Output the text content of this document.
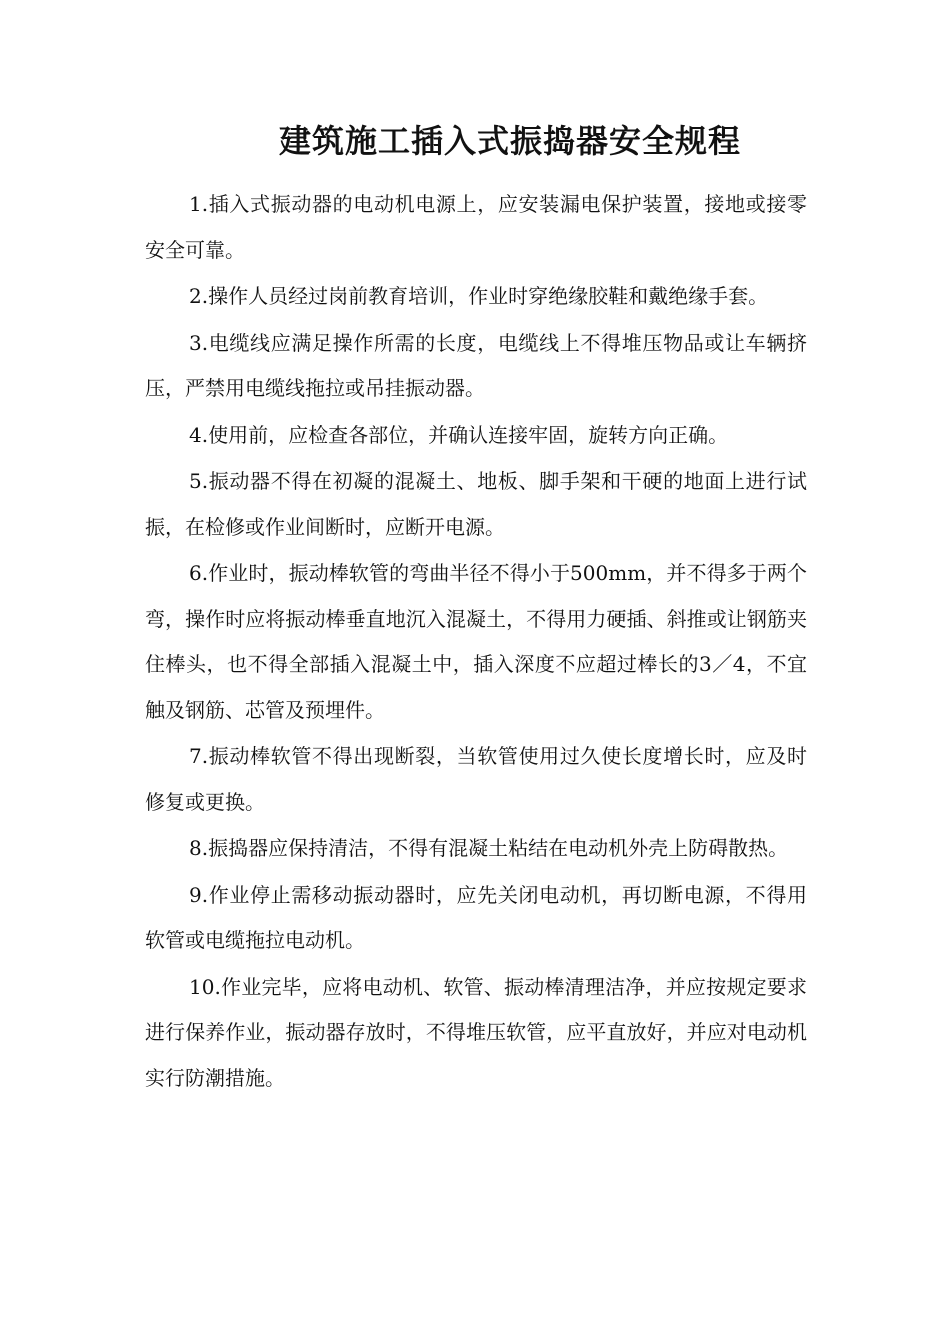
建筑施工插入式振捣器安全规程

1.插入式振动器的电动机电源上，应安装漏电保护装置，接地或接零安全可靠。

2.操作人员经过岗前教育培训，作业时穿绝缘胶鞋和戴绝缘手套。

3.电缆线应满足操作所需的长度，电缆线上不得堆压物品或让车辆挤压，严禁用电缆线拖拉或吊挂振动器。

4.使用前，应检查各部位，并确认连接牢固，旋转方向正确。

5.振动器不得在初凝的混凝土、地板、脚手架和干硬的地面上进行试振，在检修或作业间断时，应断开电源。

6.作业时，振动棒软管的弯曲半径不得小于500mm，并不得多于两个弯，操作时应将振动棒垂直地沉入混凝土，不得用力硬插、斜推或让钢筋夹住棒头，也不得全部插入混凝土中，插入深度不应超过棒长的3／4，不宜触及钢筋、芯管及预埋件。

7.振动棒软管不得出现断裂，当软管使用过久使长度增长时，应及时修复或更换。

8.振捣器应保持清洁，不得有混凝土粘结在电动机外壳上防碍散热。

9.作业停止需移动振动器时，应先关闭电动机，再切断电源，不得用软管或电缆拖拉电动机。

10.作业完毕，应将电动机、软管、振动棒清理洁净，并应按规定要求进行保养作业，振动器存放时，不得堆压软管，应平直放好，并应对电动机实行防潮措施。
